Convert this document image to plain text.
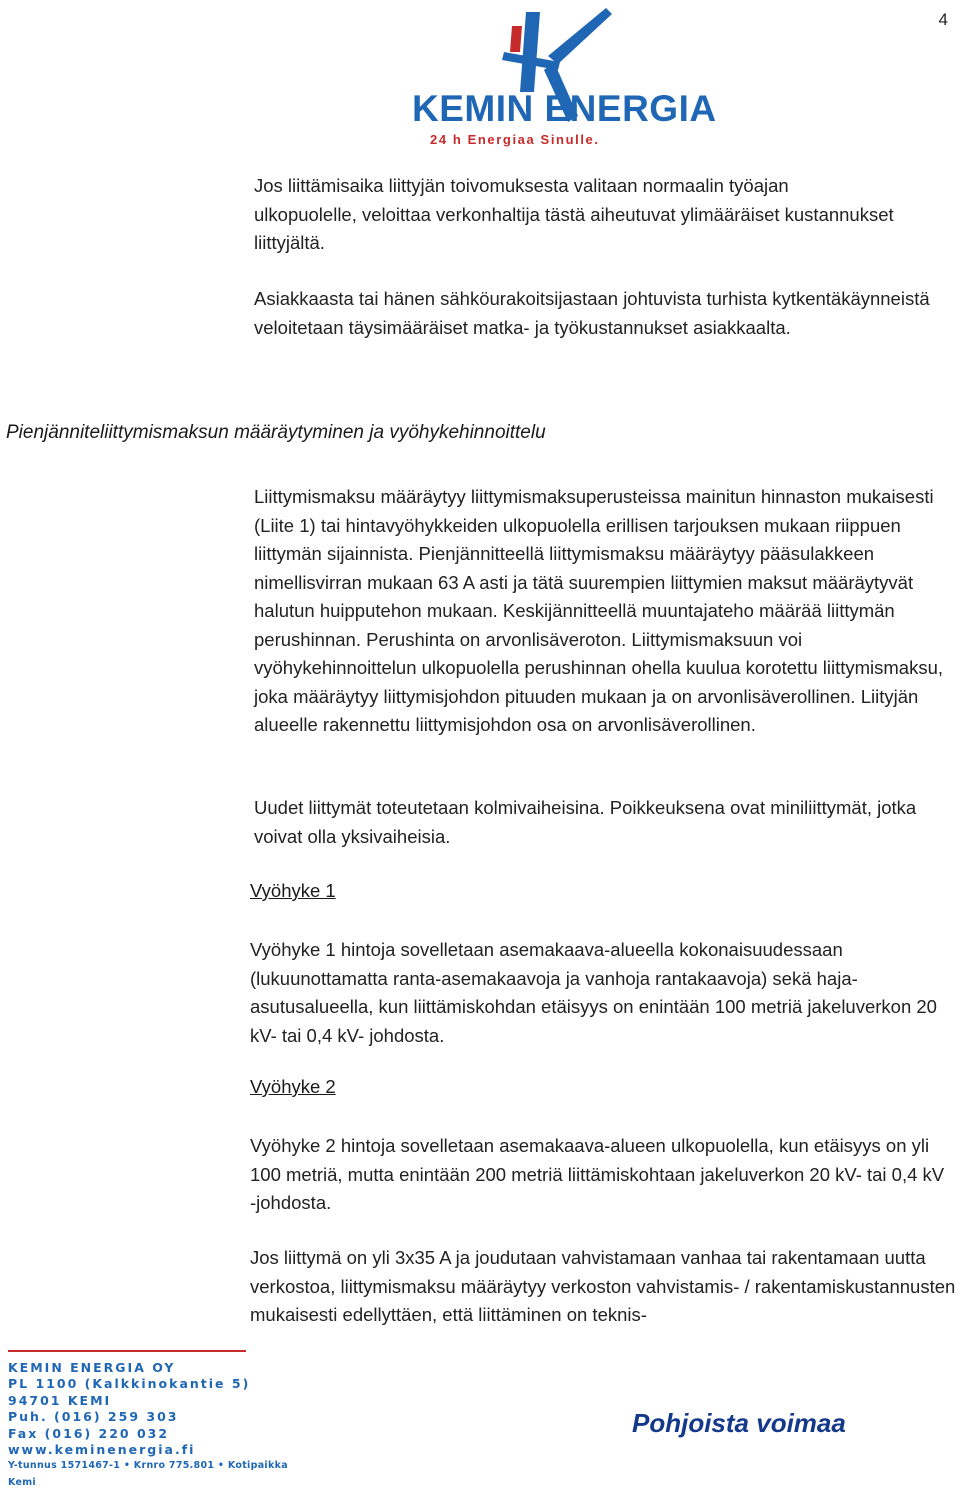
4
KEMIN ENERGIA
24 h Energiaa Sinulle.

Jos liittämisaika liittyjän toivomuksesta valitaan normaalin työajan ulkopuolelle, veloittaa verkonhaltija tästä aiheutuvat ylimääräiset kustannukset liittyjältä.

Asiakkaasta tai hänen sähköurakoitsijastaan johtuvista turhista kytkentäkäynneistä veloitetaan täysimääräiset matka- ja työkustannukset asiakkaalta.

Pienjänniteliittymismaksun määräytyminen ja vyöhykehinnoittelu

Liittymismaksu määräytyy liittymismaksuperusteissa mainitun hinnaston mukaisesti (Liite 1) tai hintavyöhykkeiden ulkopuolella erillisen tarjouksen mukaan riippuen liittymän sijainnista. Pienjännitteellä liittymismaksu määräytyy pääsulakkeen nimellisvirran mukaan 63 A asti ja tätä suurempien liittymien maksut määräytyvät halutun huipputehon mukaan. Keskijännitteellä muuntajateho määrää liittymän perushinnan. Perushinta on arvonlisäveroton. Liittymismaksuun voi vyöhykehinnoittelun ulkopuolella perushinnan ohella kuulua korotettu liittymismaksu, joka määräytyy liittymisjohdon pituuden mukaan ja on arvonlisäverollinen. Liityjän alueelle rakennettu liittymisjohdon osa on arvonlisäverollinen.

Uudet liittymät toteutetaan kolmivaiheisina. Poikkeuksena ovat miniliittymät, jotka voivat olla yksivaiheisia.

Vyöhyke 1

Vyöhyke 1 hintoja sovelletaan asemakaava-alueella kokonaisuudessaan (lukuunottamatta ranta-asemakaavoja ja vanhoja rantakaavoja) sekä haja-asutusalueella, kun liittämiskohdan etäisyys on enintään 100 metriä jakeluverkon 20 kV- tai 0,4 kV- johdosta.

Vyöhyke 2

Vyöhyke 2 hintoja sovelletaan asemakaava-alueen ulkopuolella, kun etäisyys on yli 100 metriä, mutta enintään 200 metriä liittämiskohtaan jakeluverkon 20 kV- tai 0,4 kV -johdosta.

Jos liittymä on yli 3x35 A ja joudutaan vahvistamaan vanhaa tai rakentamaan uutta verkostoa, liittymismaksu määräytyy verkoston vahvistamis- / rakentamiskustannusten mukaisesti edellyttäen, että liittäminen on teknis-

KEMIN ENERGIA OY
PL 1100 (Kalkkinokantie 5)
94701 KEMI
Puh. (016) 259 303
Fax (016) 220 032
www.keminenergia.fi
Y-tunnus 1571467-1 • Krnro 775.801 • Kotipaikka Kemi
Pohjoista voimaa
